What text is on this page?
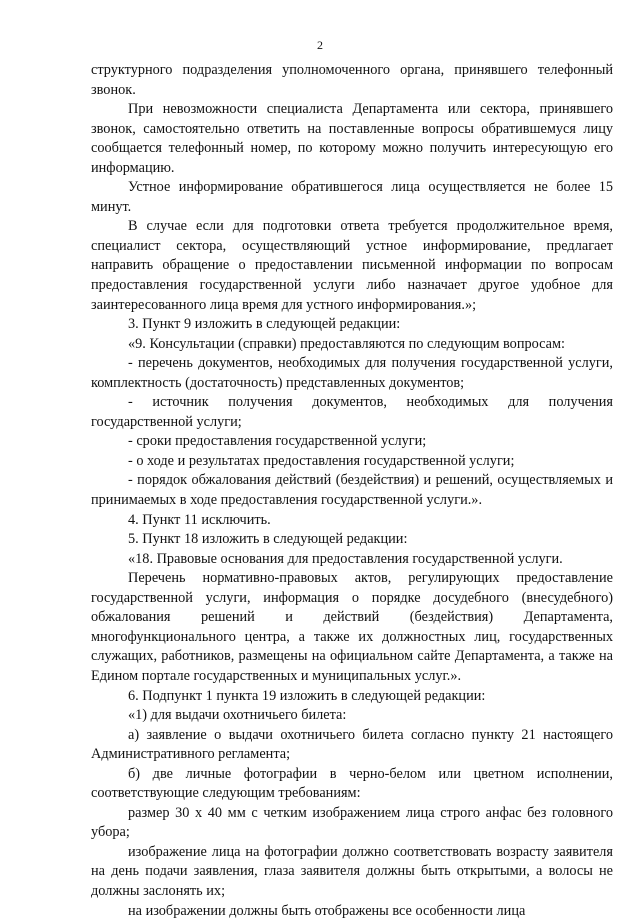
2

структурного подразделения уполномоченного органа, принявшего телефонный звонок.

При невозможности специалиста Департамента или сектора, принявшего звонок, самостоятельно ответить на поставленные вопросы обратившемуся лицу сообщается телефонный номер, по которому можно получить интересующую его информацию.

Устное информирование обратившегося лица осуществляется не более 15 минут.

В случае если для подготовки ответа требуется продолжительное время, специалист сектора, осуществляющий устное информирование, предлагает направить обращение о предоставлении письменной информации по вопросам предоставления государственной услуги либо назначает другое удобное для заинтересованного лица время для устного информирования.»;

3. Пункт 9 изложить в следующей редакции:

«9. Консультации (справки) предоставляются по следующим вопросам:

- перечень документов, необходимых для получения государственной услуги, комплектность (достаточность) представленных документов;

- источник получения документов, необходимых для получения государственной услуги;

- сроки предоставления государственной услуги;

- о ходе и результатах предоставления государственной услуги;

- порядок обжалования действий (бездействия) и решений, осуществляемых и принимаемых в ходе предоставления государственной услуги.».

4. Пункт 11 исключить.

5. Пункт 18 изложить в следующей редакции:

«18. Правовые основания для предоставления государственной услуги.

Перечень нормативно-правовых актов, регулирующих предоставление государственной услуги, информация о порядке досудебного (внесудебного) обжалования решений и действий (бездействия) Департамента, многофункционального центра, а также их должностных лиц, государственных служащих, работников, размещены на официальном сайте Департамента, а также на Едином портале государственных и муниципальных услуг.».

6. Подпункт 1 пункта 19 изложить в следующей редакции:

«1) для выдачи охотничьего билета:

а) заявление о выдачи охотничьего билета согласно пункту 21 настоящего Административного регламента;

б) две личные фотографии в черно-белом или цветном исполнении, соответствующие следующим требованиям:

размер 30 х 40 мм с четким изображением лица строго анфас без головного убора;

изображение лица на фотографии должно соответствовать возрасту заявителя на день подачи заявления, глаза заявителя должны быть открытыми, а волосы не должны заслонять их;

на изображении должны быть отображены все особенности лица
